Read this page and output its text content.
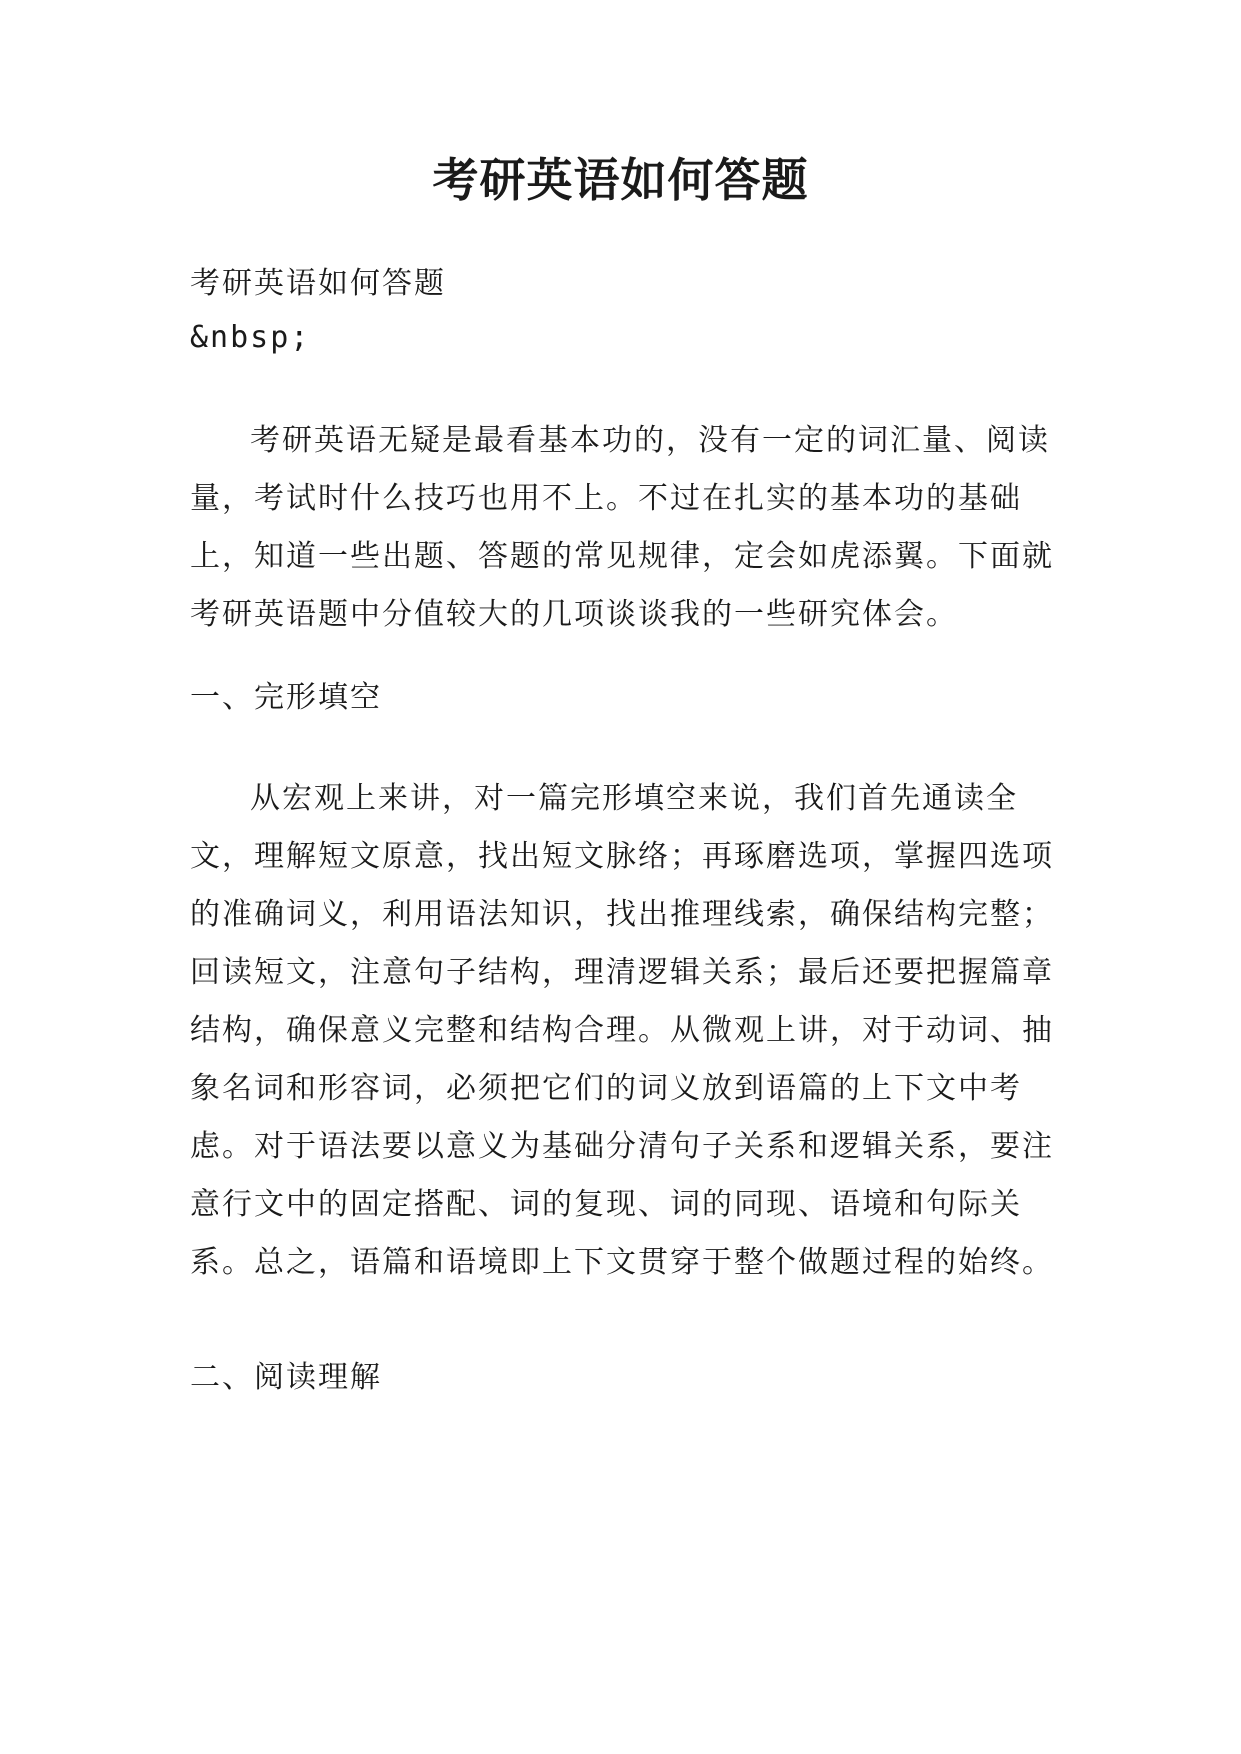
考研英语如何答题
考研英语如何答题
&nbsp;

考研英语无疑是最看基本功的，没有一定的词汇量、阅读量，考试时什么技巧也用不上。不过在扎实的基本功的基础上，知道一些出题、答题的常见规律，定会如虎添翼。下面就考研英语题中分值较大的几项谈谈我的一些研究体会。

一、完形填空

从宏观上来讲，对一篇完形填空来说，我们首先通读全文，理解短文原意，找出短文脉络；再琢磨选项，掌握四选项的准确词义，利用语法知识，找出推理线索，确保结构完整；回读短文，注意句子结构，理清逻辑关系；最后还要把握篇章结构，确保意义完整和结构合理。从微观上讲，对于动词、抽象名词和形容词，必须把它们的词义放到语篇的上下文中考虑。对于语法要以意义为基础分清句子关系和逻辑关系，要注意行文中的固定搭配、词的复现、词的同现、语境和句际关系。总之，语篇和语境即上下文贯穿于整个做题过程的始终。

二、阅读理解
